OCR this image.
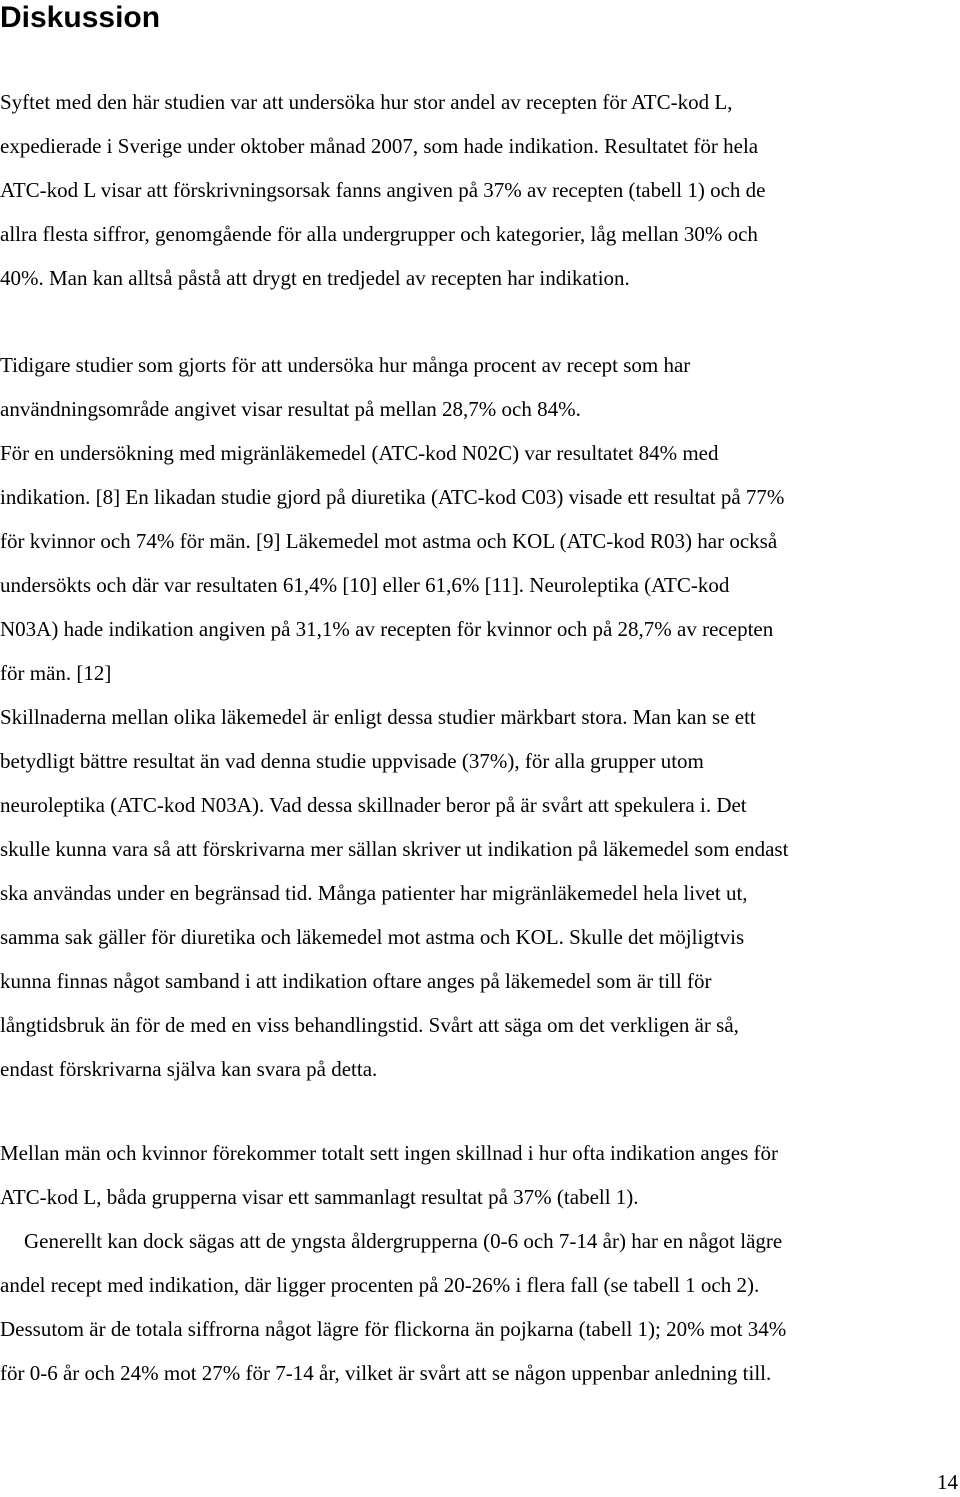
Diskussion
Syftet med den här studien var att undersöka hur stor andel av recepten för ATC-kod L,
expedierade i Sverige under oktober månad 2007, som hade indikation. Resultatet för hela
ATC-kod L visar att förskrivningsorsak fanns angiven på 37% av recepten (tabell 1) och de
allra flesta siffror, genomgående för alla undergrupper och kategorier, låg mellan 30% och
40%. Man kan alltså påstå att drygt en tredjedel av recepten har indikation.
Tidigare studier som gjorts för att undersöka hur många procent av recept som har
användningsområde angivet visar resultat på mellan 28,7% och 84%.
För en undersökning med migränläkemedel (ATC-kod N02C) var resultatet 84% med
indikation. [8] En likadan studie gjord på diuretika (ATC-kod C03) visade ett resultat på 77%
för kvinnor och 74% för män. [9] Läkemedel mot astma och KOL (ATC-kod R03) har också
undersökts och där var resultaten 61,4% [10] eller 61,6% [11]. Neuroleptika (ATC-kod
N03A) hade indikation angiven på 31,1% av recepten för kvinnor och på 28,7% av recepten
för män. [12]
Skillnaderna mellan olika läkemedel är enligt dessa studier märkbart stora. Man kan se ett
betydligt bättre resultat än vad denna studie uppvisade (37%), för alla grupper utom
neuroleptika (ATC-kod N03A). Vad dessa skillnader beror på är svårt att spekulera i. Det
skulle kunna vara så att förskrivarna mer sällan skriver ut indikation på läkemedel som endast
ska användas under en begränsad tid. Många patienter har migränläkemedel hela livet ut,
samma sak gäller för diuretika och läkemedel mot astma och KOL. Skulle det möjligtvis
kunna finnas något samband i att indikation oftare anges på läkemedel som är till för
långtidsbruk än för de med en viss behandlingstid. Svårt att säga om det verkligen är så,
endast förskrivarna själva kan svara på detta.
Mellan män och kvinnor förekommer totalt sett ingen skillnad i hur ofta indikation anges för
ATC-kod L, båda grupperna visar ett sammanlagt resultat på 37% (tabell 1).
Generellt kan dock sägas att de yngsta åldergrupperna (0-6 och 7-14 år) har en något lägre
andel recept med indikation, där ligger procenten på 20-26% i flera fall (se tabell 1 och 2).
Dessutom är de totala siffrorna något lägre för flickorna än pojkarna (tabell 1); 20% mot 34%
för 0-6 år och 24% mot 27% för 7-14 år, vilket är svårt att se någon uppenbar anledning till.
14
